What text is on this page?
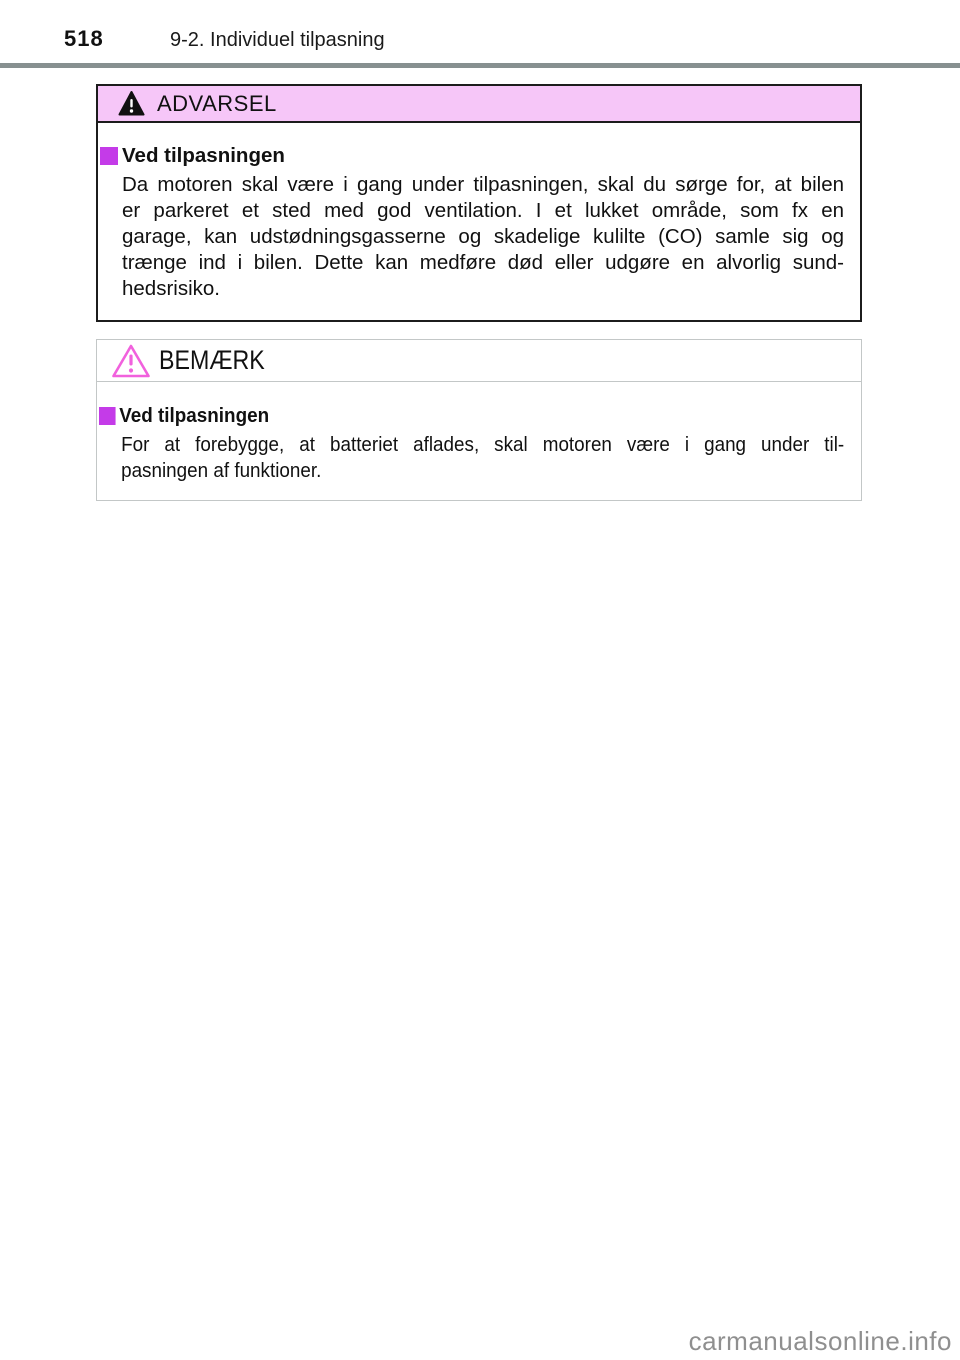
518	9-2. Individuel tilpasning
ADVARSEL
Ved tilpasningen
Da motoren skal være i gang under tilpasningen, skal du sørge for, at bilen
er parkeret et sted med god ventilation. I et lukket område, som fx en
garage, kan udstødningsgasserne og skadelige kulilte (CO) samle sig og
trænge ind i bilen. Dette kan medføre død eller udgøre en alvorlig sund-
hedsrisiko.
BEMÆRK
Ved tilpasningen
For at forebygge, at batteriet aflades, skal motoren være i gang under til-
pasningen af funktioner.
carmanualsonline.info
